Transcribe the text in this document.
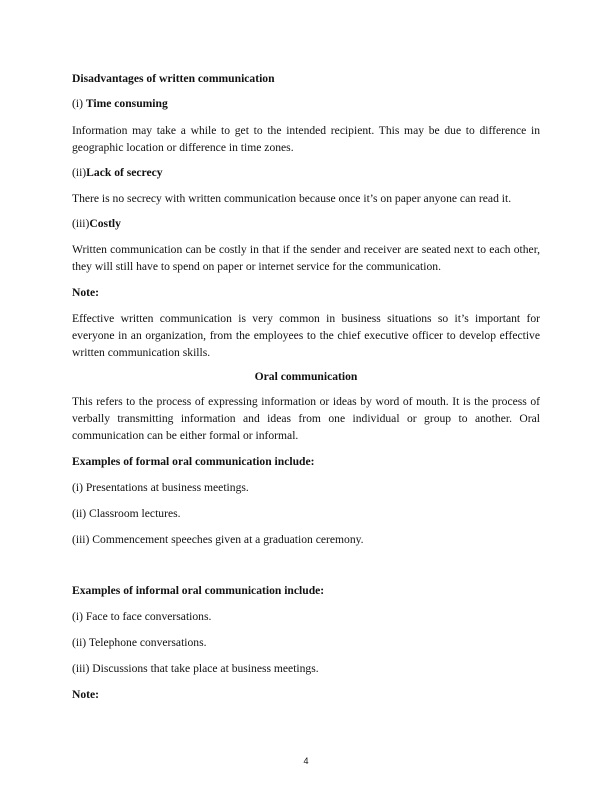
Disadvantages of written communication
(i) Time consuming
Information may take a while to get to the intended recipient. This may be due to difference in geographic location or difference in time zones.
(ii)Lack of secrecy
There is no secrecy with written communication because once it’s on paper anyone can read it.
(iii)Costly
Written communication can be costly in that if the sender and receiver are seated next to each other, they will still have to spend on paper or internet service for the communication.
Note:
Effective written communication is very common in business situations so it’s important for everyone in an organization, from the employees to the chief executive officer to develop effective written communication skills.
Oral communication
This refers to the process of expressing information or ideas by word of mouth. It is the process of verbally transmitting information and ideas from one individual or group to another. Oral communication can be either formal or informal.
Examples of formal oral communication include:
(i) Presentations at business meetings.
(ii) Classroom lectures.
(iii) Commencement speeches given at a graduation ceremony.
Examples of informal oral communication include:
(i) Face to face conversations.
(ii) Telephone conversations.
(iii) Discussions that take place at business meetings.
Note:
4
